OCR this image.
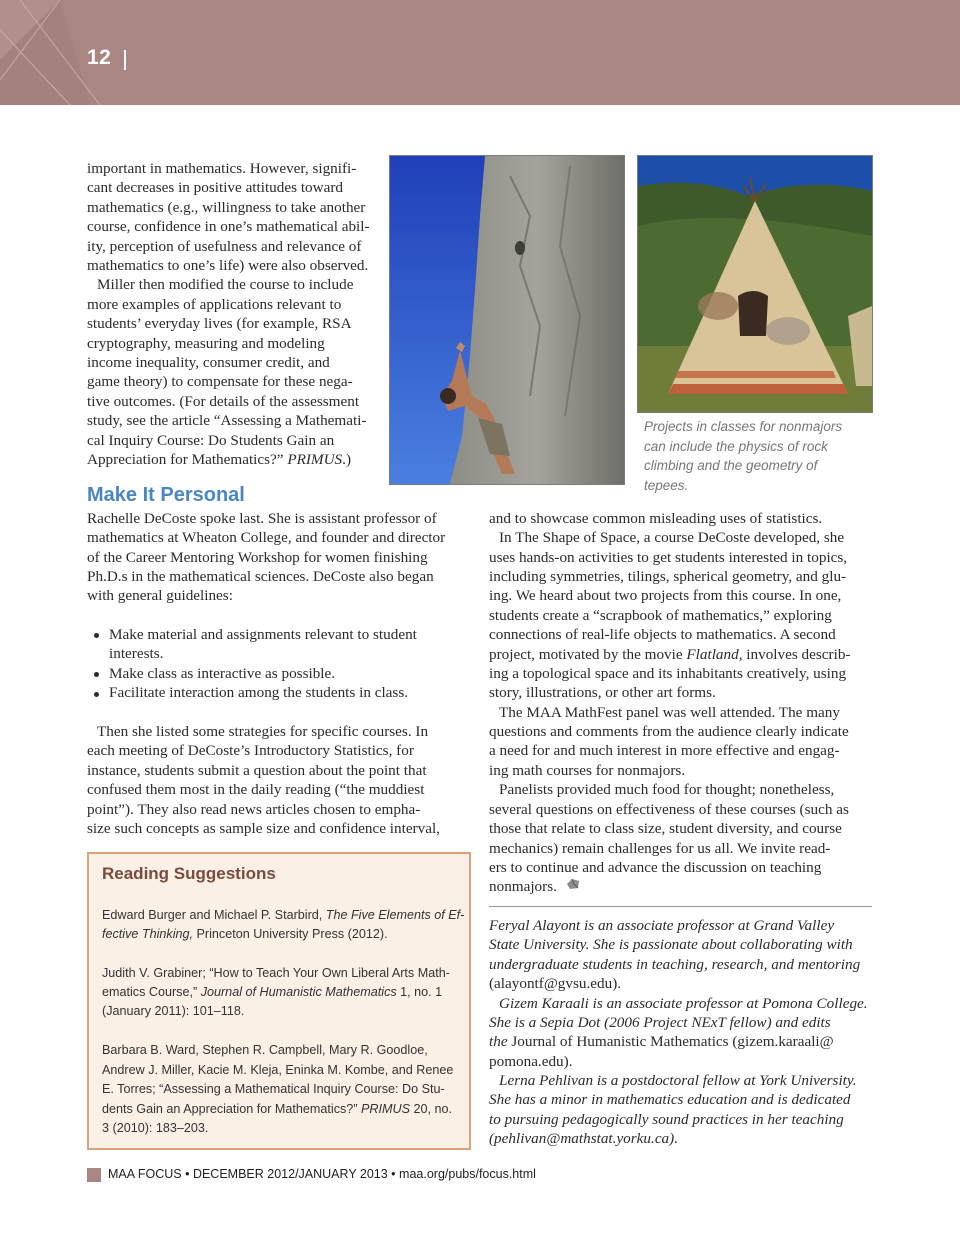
12

important in mathematics. However, signifi-

cant decreases in positive attitudes toward

mathematics (e.g., willingness to take another

course, confidence in one’s mathematical abil-

ity, perception of usefulness and relevance of

mathematics to one’s life) were also observed.

Miller then modified the course to include

more examples of applications relevant to

students’ everyday lives (for example, RSA

cryptography, measuring and modeling

income inequality, consumer credit, and

game theory) to compensate for these nega-

tive outcomes. (For details of the assessment

study, see the article “Assessing a Mathemati-

cal Inquiry Course: Do Students Gain an

Appreciation for Mathematics?” PRIMUS.)

Projects in classes for nonmajors
can include the physics of rock
climbing and the geometry of
tepees.
Make It Personal

Rachelle DeCoste spoke last. She is assistant professor of

mathematics at Wheaton College, and founder and director

of the Career Mentoring Workshop for women finishing

Ph.D.s in the mathematical sciences. DeCoste also began

with general guidelines:

Make material and assignments relevant to student

interests.

Make class as interactive as possible.

Facilitate interaction among the students in class.

Then she listed some strategies for specific courses. In

each meeting of DeCoste’s Introductory Statistics, for

instance, students submit a question about the point that

confused them most in the daily reading (“the muddiest

point”). They also read news articles chosen to empha-

size such concepts as sample size and confidence interval,

and to showcase common misleading uses of statistics.

In The Shape of Space, a course DeCoste developed, she

uses hands-on activities to get students interested in topics,

including symmetries, tilings, spherical geometry, and glu-

ing. We heard about two projects from this course. In one,

students create a “scrapbook of mathematics,” exploring

connections of real-life objects to mathematics. A second

project, motivated by the movie Flatland, involves describ-

ing a topological space and its inhabitants creatively, using

story, illustrations, or other art forms.

The MAA MathFest panel was well attended. The many

questions and comments from the audience clearly indicate

a need for and much interest in more effective and engag-

ing math courses for nonmajors.

Panelists provided much food for thought; nonetheless,

several questions on effectiveness of these courses (such as

those that relate to class size, student diversity, and course

mechanics) remain challenges for us all. We invite read-

ers to continue and advance the discussion on teaching

nonmajors.

Reading Suggestions
Edward Burger and Michael P. Starbird, The Five Elements of Ef-
fective Thinking, Princeton University Press (2012).
Judith V. Grabiner; “How to Teach Your Own Liberal Arts Math-
ematics Course,” Journal of Humanistic Mathematics 1, no. 1
(January 2011): 101–118.
Barbara B. Ward, Stephen R. Campbell, Mary R. Goodloe,
Andrew J. Miller, Kacie M. Kleja, Eninka M. Kombe, and Renee
E. Torres; “Assessing a Mathematical Inquiry Course: Do Stu-
dents Gain an Appreciation for Mathematics?” PRIMUS 20, no.
3 (2010): 183–203.
Feryal Alayont is an associate professor at Grand Valley
State University. She is passionate about collaborating with
undergraduate students in teaching, research, and mentoring
(alayontf@gvsu.edu).
Gizem Karaali is an associate professor at Pomona College.
She is a Sepia Dot (2006 Project NExT fellow) and edits
the Journal of Humanistic Mathematics (gizem.karaali@
pomona.edu).
Lerna Pehlivan is a postdoctoral fellow at York University.
She has a minor in mathematics education and is dedicated
to pursuing pedagogically sound practices in her teaching
(pehlivan@mathstat.yorku.ca).
MAA FOCUS • DECEMBER 2012/JANUARY 2013 • maa.org/pubs/focus.html
